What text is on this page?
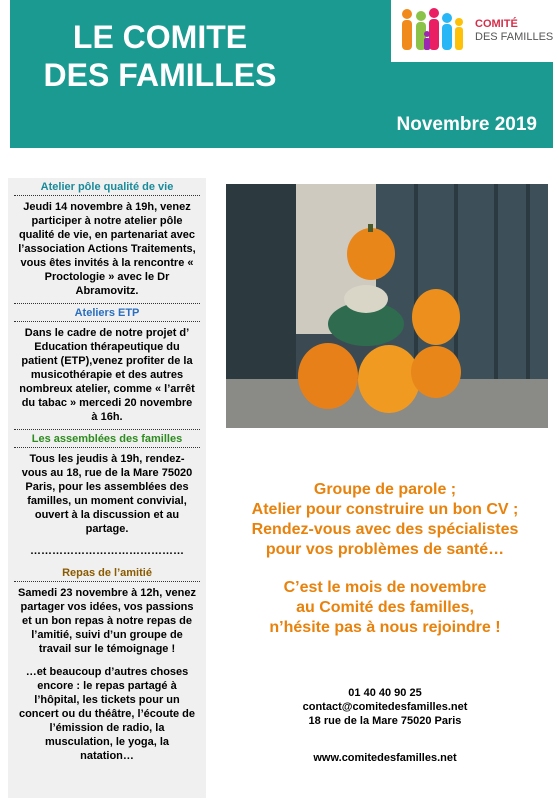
LE COMITE
DES FAMILLES
COMITÉ
DES FAMILLES
Novembre 2019
Atelier pôle qualité de vie
Jeudi 14 novembre à 19h, venez participer à notre atelier pôle qualité de vie, en partenariat avec l’association Actions Traitements, vous êtes invités à la rencontre « Proctologie » avec le Dr Abramovitz.
Ateliers ETP
Dans le cadre de notre projet d’ Education thérapeutique du patient (ETP),venez profiter de la musicothérapie et des autres nombreux atelier, comme « l’arrêt du tabac » mercedi 20 novembre à 16h.
Les assemblées des familles
Tous les jeudis à 19h, rendez-vous au 18, rue de la Mare 75020 Paris, pour les assemblées des familles, un moment convivial, ouvert à la discussion et au partage.
……………………………………
Repas de l’amitié
Samedi 23 novembre à 12h, venez partager vos idées, vos passions et un bon repas à notre repas de l’amitié, suivi d’un groupe de travail sur le témoignage !
…et beaucoup d’autres choses encore : le repas partagé à l’hôpital, les tickets pour un concert ou du théâtre, l’écoute de l’émission de radio, la musculation, le yoga, la natation…
Groupe de parole ;
Atelier pour construire un bon CV ;
Rendez-vous avec des spécialistes
pour vos problèmes de santé…
C’est le mois de novembre
au Comité des familles,
n’hésite pas à nous rejoindre !
01 40 40 90 25
contact@comitedesfamilles.net
18 rue de la Mare 75020 Paris
www.comitedesfamilles.net
